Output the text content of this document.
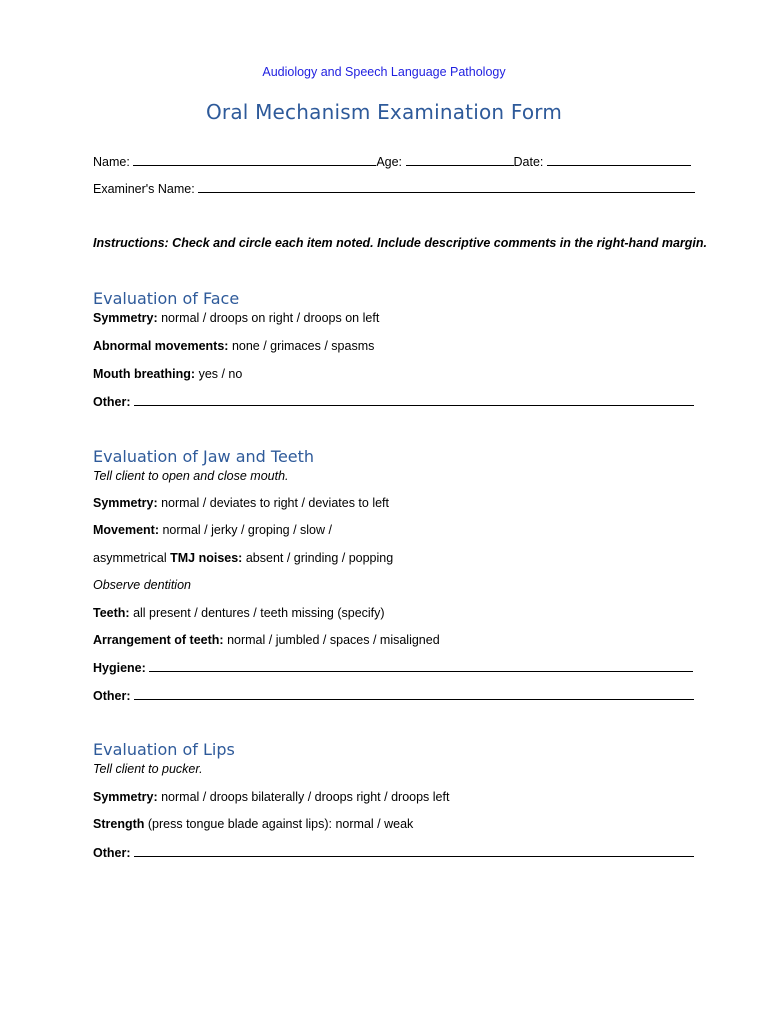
Audiology and Speech Language Pathology
Oral Mechanism Examination Form
Name:	Age:	Date:
Examiner's Name:
Instructions: Check and circle each item noted. Include descriptive comments in the right-hand margin.
Evaluation of Face
Symmetry: normal / droops on right / droops on left
Abnormal movements: none / grimaces / spasms
Mouth breathing: yes / no
Other:
Evaluation of Jaw and Teeth
Tell client to open and close mouth.
Symmetry: normal / deviates to right / deviates to left
Movement: normal / jerky / groping / slow /
asymmetrical TMJ noises: absent / grinding / popping
Observe dentition
Teeth: all present / dentures / teeth missing (specify)
Arrangement of teeth: normal / jumbled / spaces / misaligned
Hygiene:
Other:
Evaluation of Lips
Tell client to pucker.
Symmetry: normal / droops bilaterally / droops right / droops left
Strength (press tongue blade against lips): normal / weak
Other:
